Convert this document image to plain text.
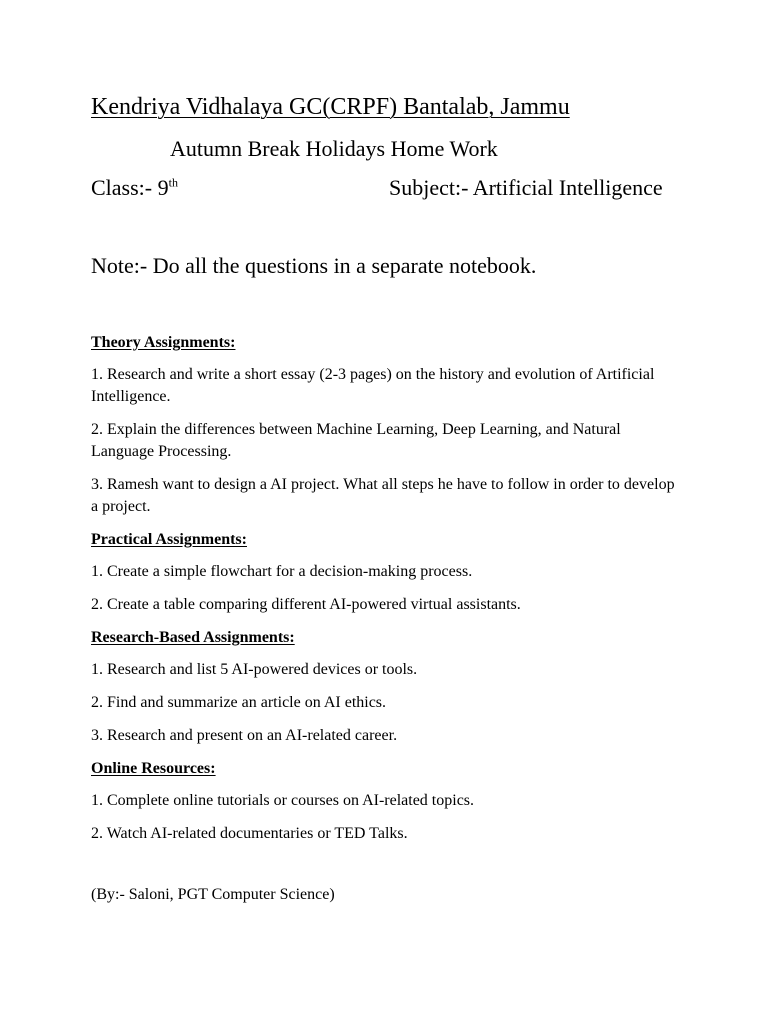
Kendriya Vidhalaya GC(CRPF) Bantalab, Jammu
Autumn Break Holidays Home Work
Class:- 9th	Subject:- Artificial Intelligence
Note:- Do all the questions in a separate notebook.
Theory Assignments:
1. Research and write a short essay (2-3 pages) on the history and evolution of Artificial Intelligence.
2. Explain the differences between Machine Learning, Deep Learning, and Natural Language Processing.
3. Ramesh want to design a AI project. What all steps he have to follow in order to develop a project.
Practical Assignments:
1. Create a simple flowchart for a decision-making process.
2. Create a table comparing different AI-powered virtual assistants.
Research-Based Assignments:
1. Research and list 5 AI-powered devices or tools.
2. Find and summarize an article on AI ethics.
3. Research and present on an AI-related career.
Online Resources:
1. Complete online tutorials or courses on AI-related topics.
2. Watch AI-related documentaries or TED Talks.
(By:- Saloni, PGT Computer Science)
